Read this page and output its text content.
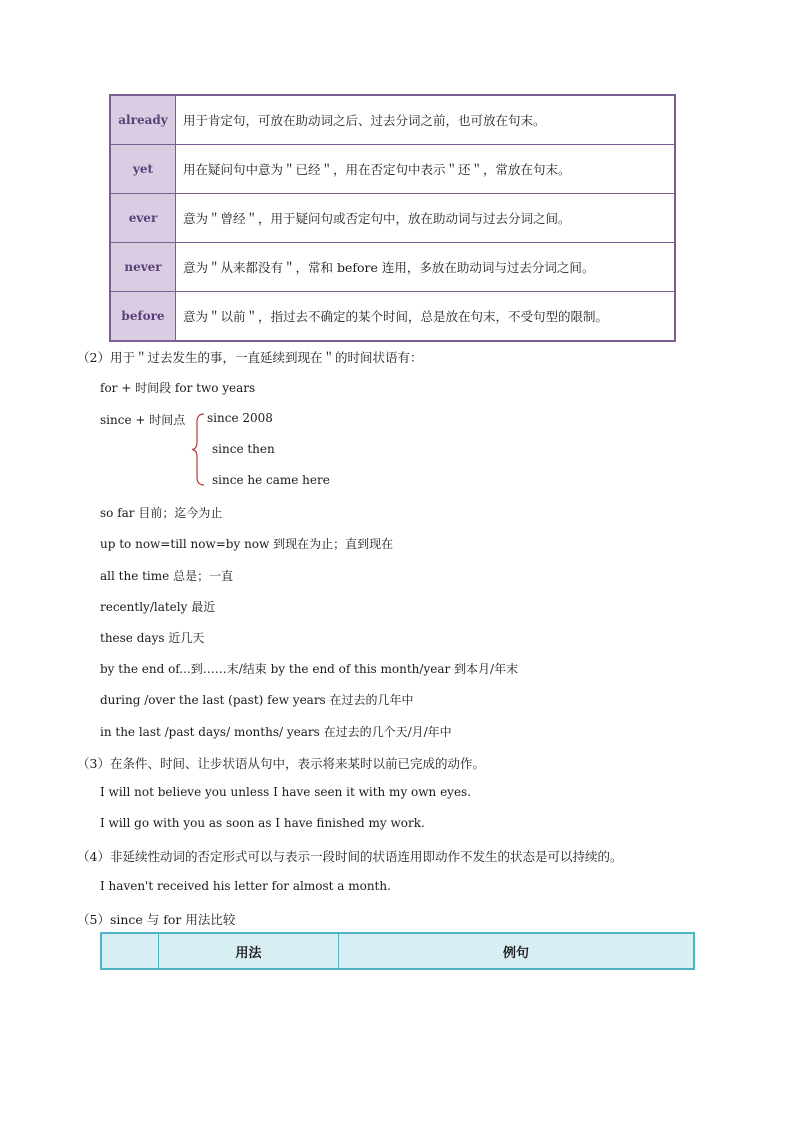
already	用于肯定句，可放在助动词之后、过去分词之前，也可放在句末。
yet	用在疑问句中意为＂已经＂，用在否定句中表示＂还＂，常放在句末。
ever	意为＂曾经＂，用于疑问句或否定句中，放在助动词与过去分词之间。
never	意为＂从来都没有＂，常和 before 连用，多放在助动词与过去分词之间。
before	意为＂以前＂，指过去不确定的某个时间，总是放在句末，不受句型的限制。
（2）用于＂过去发生的事，一直延续到现在＂的时间状语有：
for + 时间段 for two years
since + 时间点 since 2008
since then
since he came here
so far 目前；迄今为止
up to now=till now=by now 到现在为止；直到现在
all the time 总是；一直
recently/lately 最近
these days 近几天
by the end of...到……末/结束 by the end of this month/year 到本月/年末
during /over the last (past) few years 在过去的几年中
in the last /past days/ months/ years 在过去的几个天/月/年中
（3）在条件、时间、让步状语从句中，表示将来某时以前已完成的动作。
I will not believe you unless I have seen it with my own eyes.
I will go with you as soon as I have finished my work.
（4）非延续性动词的否定形式可以与表示一段时间的状语连用即动作不发生的状态是可以持续的。
I haven't received his letter for almost a month.
（5）since 与 for 用法比较
	用法	例句
